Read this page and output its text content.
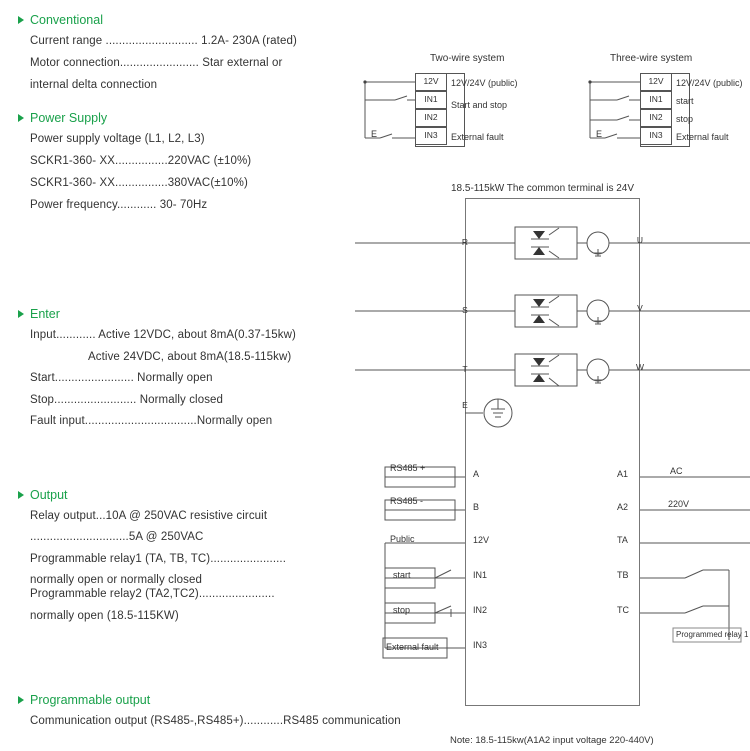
Conventional
Current range ............................ 1.2A- 230A (rated)
Motor connection........................ Star external or
internal delta connection
Power Supply
Power supply voltage (L1, L2, L3)
SCKR1-360- XX................220VAC (±10%)
SCKR1-360- XX................380VAC(±10%)
Power frequency............ 30- 70Hz
Enter
Input............ Active 12VDC, about 8mA(0.37-15kw)
Active 24VDC, about 8mA(18.5-115kw)
Start........................ Normally open
Stop......................... Normally closed
Fault input..................................Normally open
Output
Relay output...10A @ 250VAC resistive circuit
..............................5A @ 250VAC
Programmable relay1 (TA, TB, TC).......................
normally open or normally closed
Programmable relay2 (TA2,TC2).......................
normally open (18.5-115KW)
Programmable output
Communication output (RS485-,RS485+)............RS485 communication
Two-wire system	Three-wire system
18.5-115kW The common terminal is 24V
Note: 18.5-115kw(A1A2 input voltage 220-440V)
12V
IN1
IN2
IN3
12V/24V (public)
Start and stop
External fault
E
12V
IN1
IN2
IN3
12V/24V (public)
start
stop
External fault
E
R
S
T
E
U
V
W
RS485 +
RS485 -
A
B
A1
A2
AC
220V
Public	12V
start	IN1
stop	IN2
External fault	IN3
TA
TB
TC
Programmed relay 1
